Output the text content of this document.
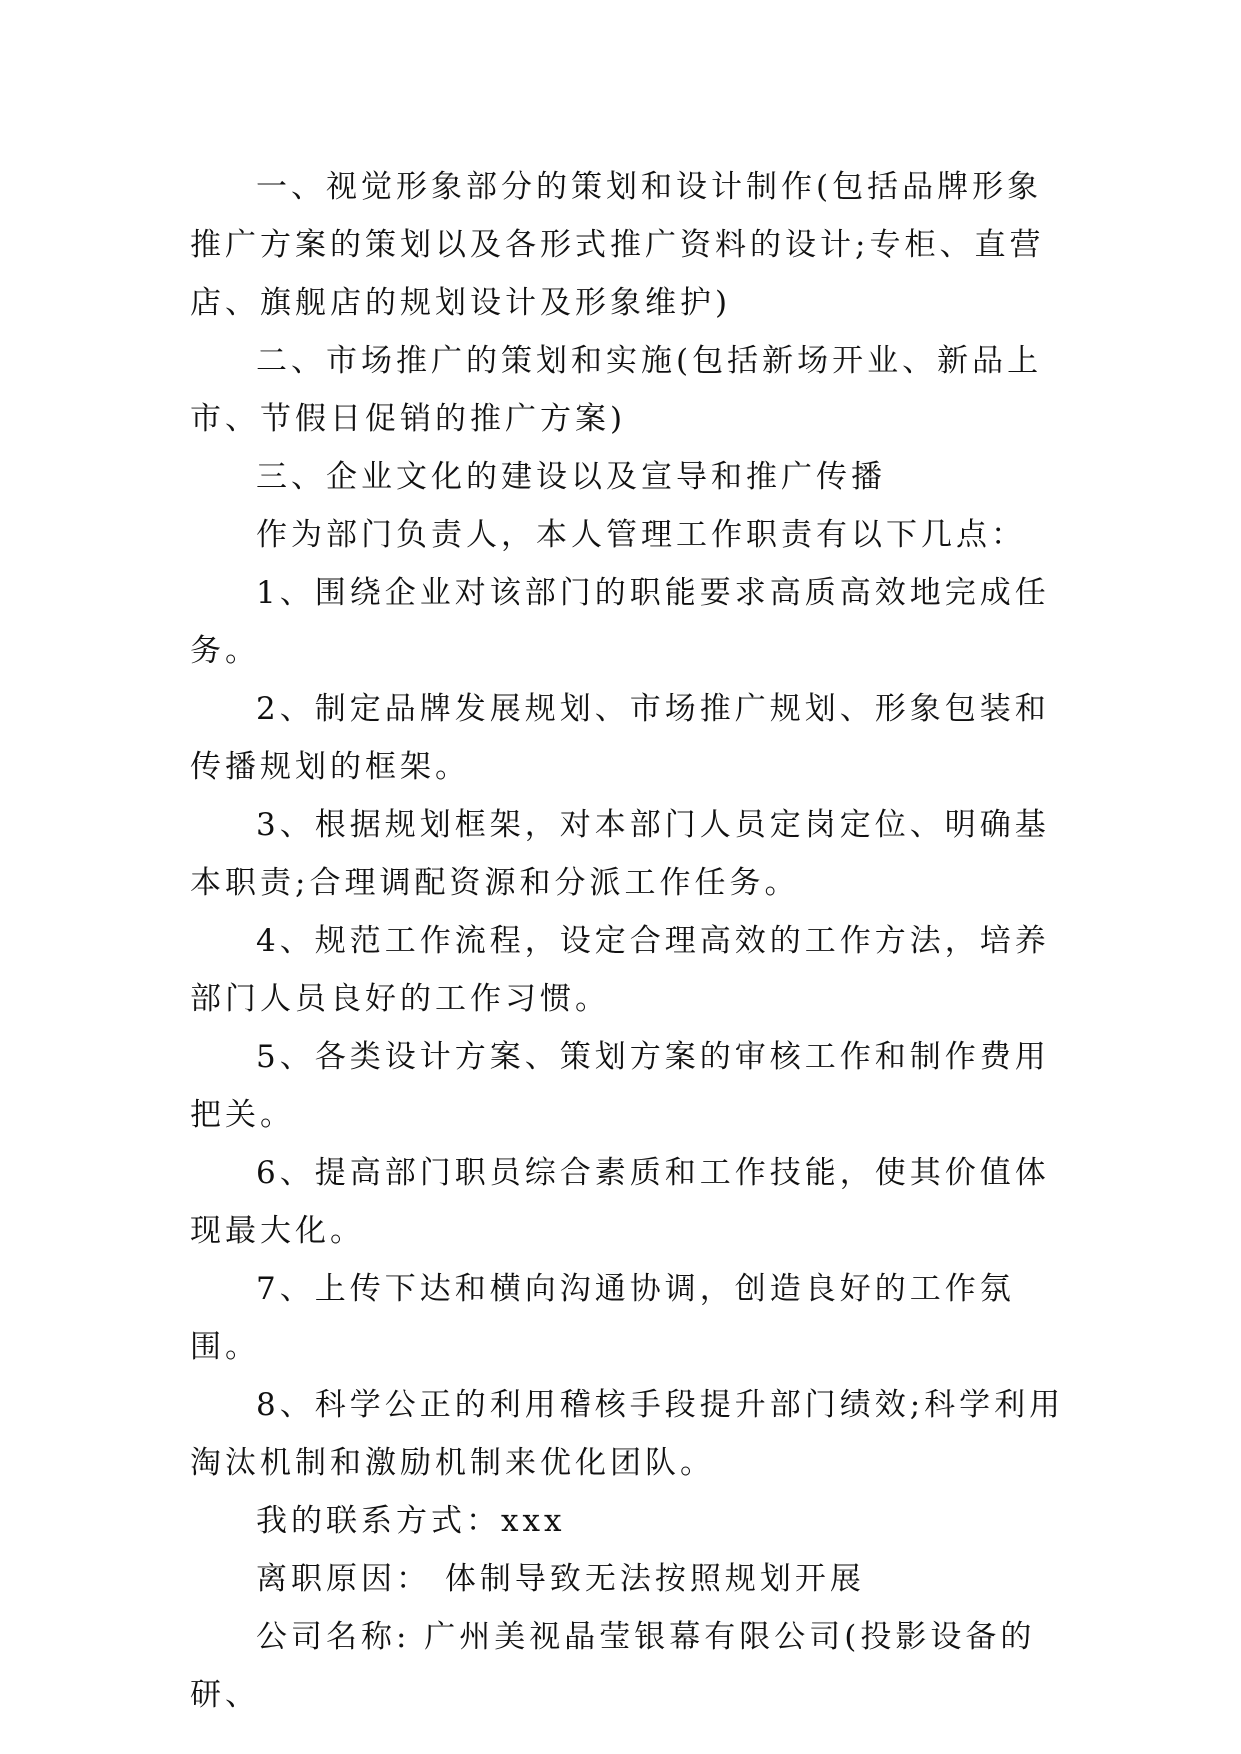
一、视觉形象部分的策划和设计制作(包括品牌形象推广方案的策划以及各形式推广资料的设计;专柜、直营店、旗舰店的规划设计及形象维护)

二、市场推广的策划和实施(包括新场开业、新品上市、节假日促销的推广方案)

三、企业文化的建设以及宣导和推广传播

作为部门负责人，本人管理工作职责有以下几点：

1、围绕企业对该部门的职能要求高质高效地完成任务。

2、制定品牌发展规划、市场推广规划、形象包装和传播规划的框架。

3、根据规划框架，对本部门人员定岗定位、明确基本职责;合理调配资源和分派工作任务。

4、规范工作流程，设定合理高效的工作方法，培养部门人员良好的工作习惯。

5、各类设计方案、策划方案的审核工作和制作费用把关。

6、提高部门职员综合素质和工作技能，使其价值体现最大化。

7、上传下达和横向沟通协调，创造良好的工作氛围。

8、科学公正的利用稽核手段提升部门绩效;科学利用淘汰机制和激励机制来优化团队。

我的联系方式：xxx

离职原因： 体制导致无法按照规划开展

公司名称: 广州美视晶莹银幕有限公司(投影设备的研、
